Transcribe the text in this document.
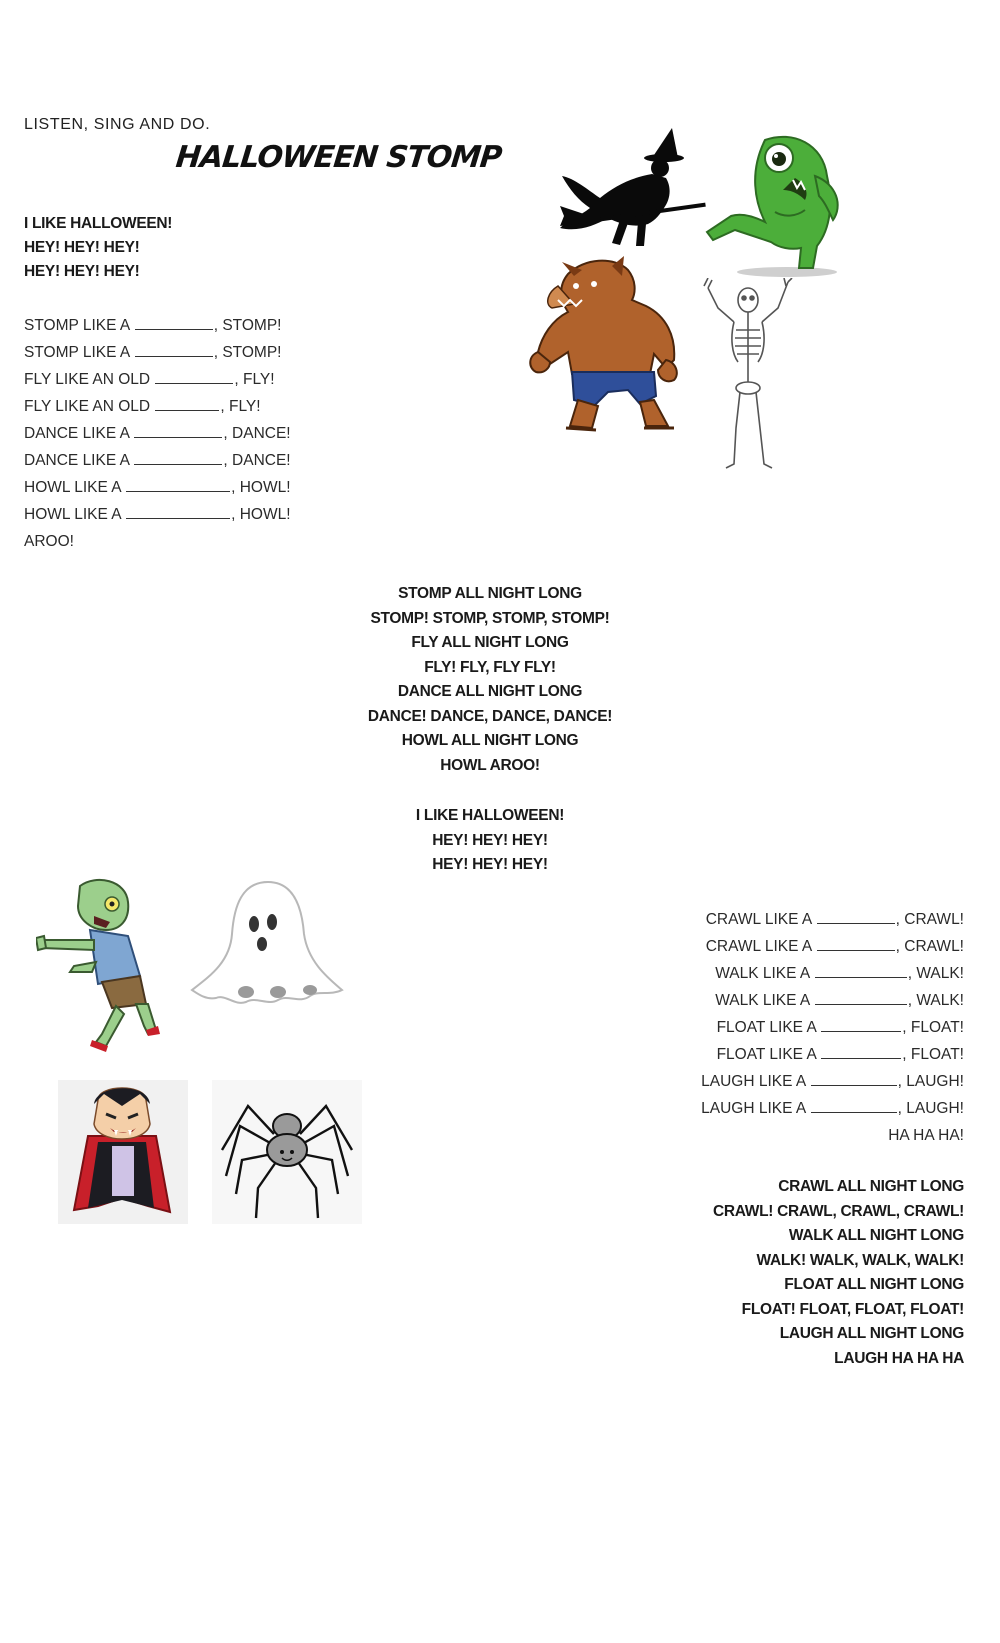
LISTEN, SING AND DO.
HALLOWEEN STOMP
I LIKE HALLOWEEN!
HEY! HEY! HEY!
HEY! HEY! HEY!
STOMP LIKE A	, STOMP!
STOMP LIKE A	, STOMP!
FLY LIKE AN OLD	, FLY!
FLY LIKE AN OLD	, FLY!
DANCE LIKE A	, DANCE!
DANCE LIKE A	, DANCE!
HOWL LIKE A	, HOWL!
HOWL LIKE A	, HOWL!
AROO!
STOMP ALL NIGHT LONG
STOMP! STOMP, STOMP, STOMP!
FLY ALL NIGHT LONG
FLY! FLY, FLY FLY!
DANCE ALL NIGHT LONG
DANCE! DANCE, DANCE, DANCE!
HOWL ALL NIGHT LONG
HOWL AROO!
I LIKE HALLOWEEN!
HEY! HEY! HEY!
HEY! HEY! HEY!
CRAWL LIKE A	, CRAWL!
CRAWL LIKE A	, CRAWL!
WALK LIKE A	, WALK!
WALK LIKE A	, WALK!
FLOAT LIKE A	, FLOAT!
FLOAT LIKE A	, FLOAT!
LAUGH LIKE A	, LAUGH!
LAUGH LIKE A	, LAUGH!
HA HA HA!
CRAWL ALL NIGHT LONG
CRAWL! CRAWL, CRAWL, CRAWL!
WALK ALL NIGHT LONG
WALK! WALK, WALK, WALK!
FLOAT ALL NIGHT LONG
FLOAT! FLOAT, FLOAT, FLOAT!
LAUGH ALL NIGHT LONG
LAUGH HA HA HA
